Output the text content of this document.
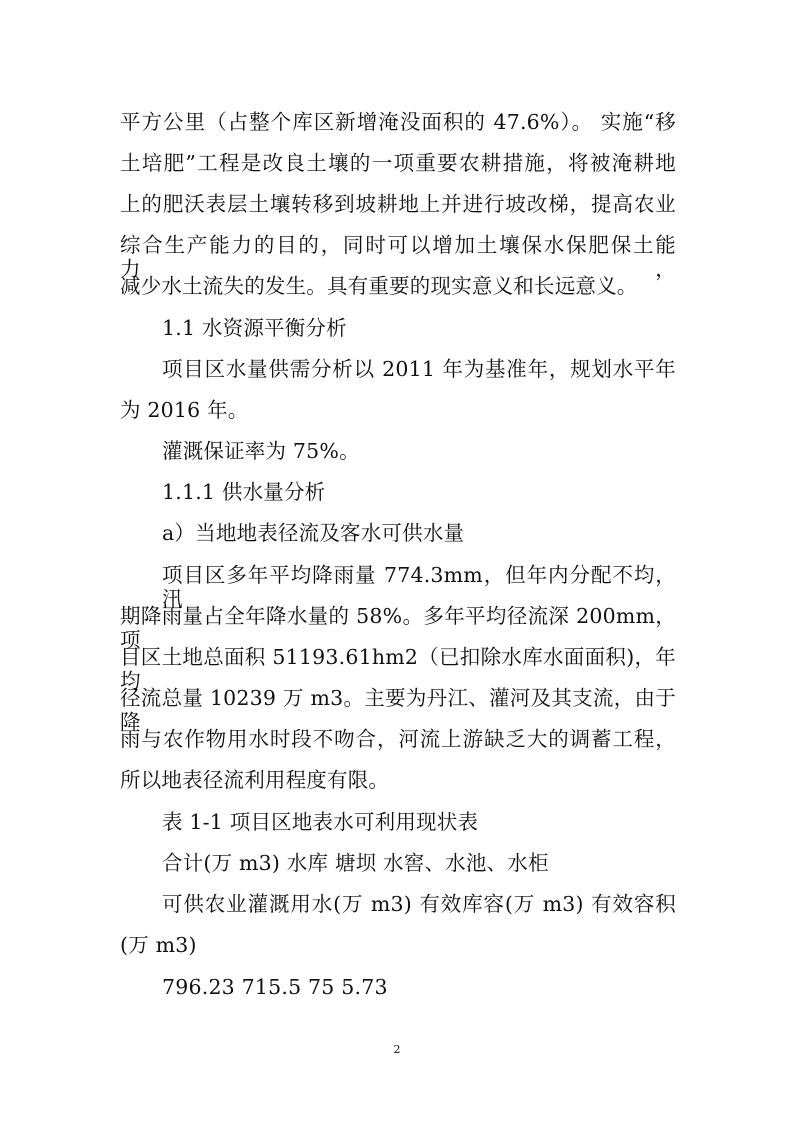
平方公里（占整个库区新增淹没面积的 47.6%）。 实施“移
土培肥”工程是改良土壤的一项重要农耕措施，将被淹耕地
上的肥沃表层土壤转移到坡耕地上并进行坡改梯，提高农业
综合生产能力的目的，同时可以增加土壤保水保肥保土能力，
减少水土流失的发生。具有重要的现实意义和长远意义。
1.1 水资源平衡分析
项目区水量供需分析以 2011 年为基准年，规划水平年
为 2016 年。
灌溉保证率为 75%。
1.1.1 供水量分析
a）当地地表径流及客水可供水量
项目区多年平均降雨量 774.3mm，但年内分配不均，汛
期降雨量占全年降水量的 58%。多年平均径流深 200mm，项
目区土地总面积 51193.61hm2（已扣除水库水面面积)，年均
径流总量 10239 万 m3。主要为丹江、灌河及其支流，由于降
雨与农作物用水时段不吻合，河流上游缺乏大的调蓄工程，
所以地表径流利用程度有限。
表 1-1 项目区地表水可利用现状表
合计(万 m3) 水库 塘坝 水窖、水池、水柜
可供农业灌溉用水(万 m3) 有效库容(万 m3) 有效容积
(万 m3)
796.23 715.5 75 5.73
2
